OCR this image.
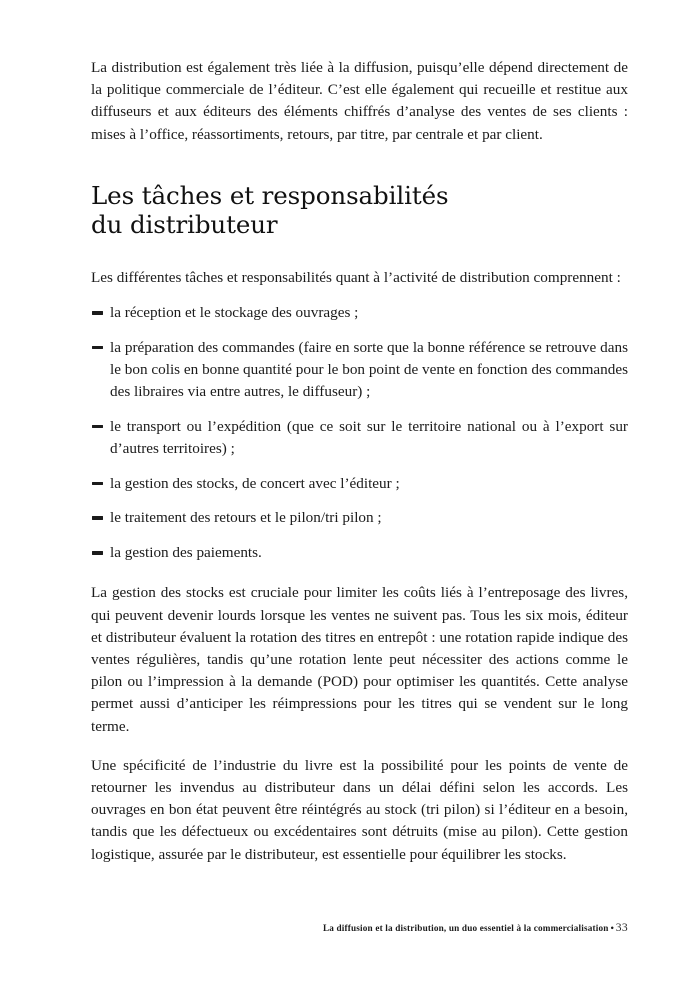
La distribution est également très liée à la diffusion, puisqu’elle dépend directement de la politique commerciale de l’éditeur. C’est elle également qui recueille et restitue aux diffuseurs et aux éditeurs des éléments chiffrés d’analyse des ventes de ses clients : mises à l’office, réassortiments, retours, par titre, par centrale et par client.

Les tâches et responsabilités
du distributeur

Les différentes tâches et responsabilités quant à l’activité de distribution comprennent :

la réception et le stockage des ouvrages ;
la préparation des commandes (faire en sorte que la bonne référence se retrouve dans le bon colis en bonne quantité pour le bon point de vente en fonction des commandes des libraires via entre autres, le diffuseur) ;
le transport ou l’expédition (que ce soit sur le territoire national ou à l’export sur d’autres territoires) ;
la gestion des stocks, de concert avec l’éditeur ;
le traitement des retours et le pilon/tri pilon ;
la gestion des paiements.

La gestion des stocks est cruciale pour limiter les coûts liés à l’entreposage des livres, qui peuvent devenir lourds lorsque les ventes ne suivent pas. Tous les six mois, éditeur et distributeur évaluent la rotation des titres en entrepôt : une rotation rapide indique des ventes régulières, tandis qu’une rotation lente peut nécessiter des actions comme le pilon ou l’impression à la demande (POD) pour optimiser les quantités. Cette analyse permet aussi d’anticiper les réimpressions pour les titres qui se vendent sur le long terme.

Une spécificité de l’industrie du livre est la possibilité pour les points de vente de retourner les invendus au distributeur dans un délai défini selon les accords. Les ouvrages en bon état peuvent être réintégrés au stock (tri pilon) si l’éditeur en a besoin, tandis que les défectueux ou excédentaires sont détruits (mise au pilon). Cette gestion logistique, assurée par le distributeur, est essentielle pour équilibrer les stocks.

La diffusion et la distribution, un duo essentiel à la commercialisation • 33
